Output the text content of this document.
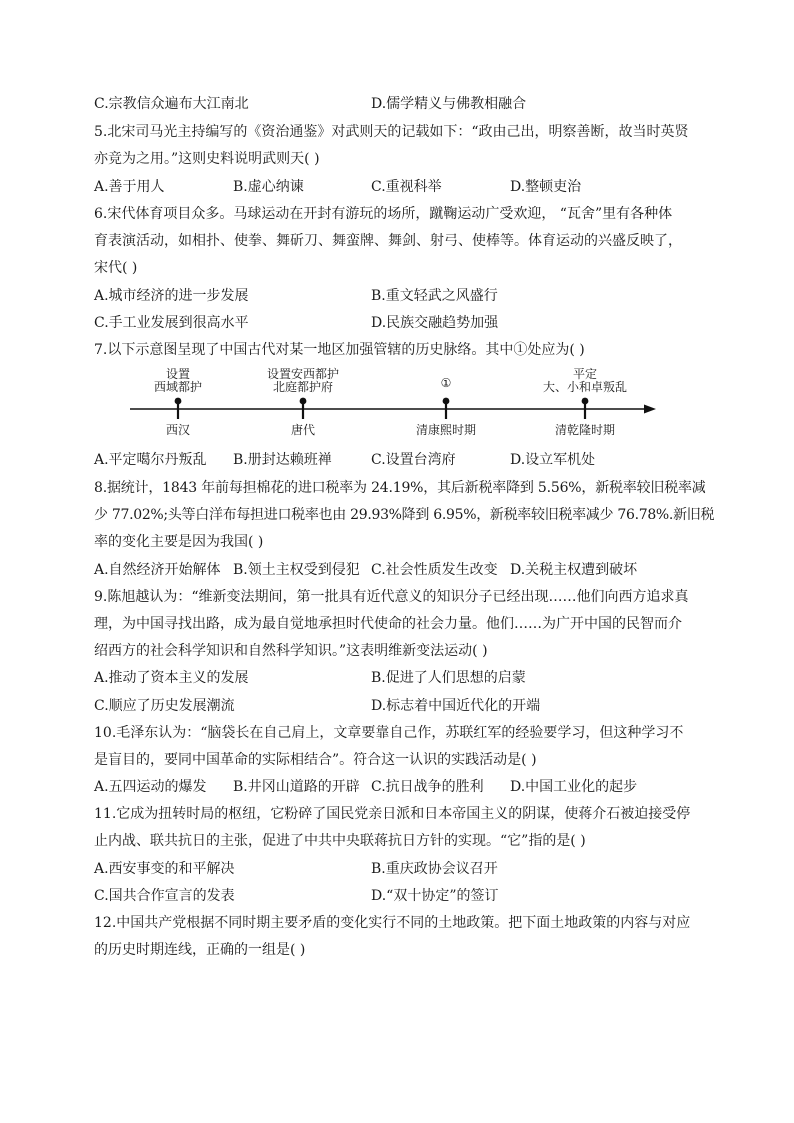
C.宗教信众遍布大江南北	D.儒学精义与佛教相融合
5.北宋司马光主持编写的《资治通鉴》对武则天的记载如下：“政由己出，明察善断，故当时英贤
亦竞为之用。”这则史料说明武则天( )
A.善于用人	B.虚心纳谏	C.重视科举	D.整顿吏治
6.宋代体育项目众多。马球运动在开封有游玩的场所，蹴鞠运动广受欢迎， “瓦舍”里有各种体
育表演活动，如相扑、使拳、舞斫刀、舞蛮牌、舞剑、射弓、使棒等。体育运动的兴盛反映了，
宋代( )
A.城市经济的进一步发展	B.重文轻武之风盛行
C.手工业发展到很高水平	D.民族交融趋势加强
7.以下示意图呈现了中国古代对某一地区加强管辖的历史脉络。其中①处应为( )
设置
西域都护
设置安西都护
北庭都护府	①
平定
大、小和卓叛乱
西汉	唐代	清康熙时期	清乾隆时期
A.平定噶尔丹叛乱 B.册封达赖班禅	C.设置台湾府	D.设立军机处
8.据统计，1843 年前每担棉花的进口税率为 24.19%，其后新税率降到 5.56%，新税率较旧税率减
少 77.02%;头等白洋布每担进口税率也由 29.93%降到 6.95%，新税率较旧税率减少 76.78%.新旧税
率的变化主要是因为我国( )
A.自然经济开始解体 B.领土主权受到侵犯 C.社会性质发生改变 D.关税主权遭到破坏
9.陈旭越认为：“维新变法期间，第一批具有近代意义的知识分子已经出现……他们向西方追求真
理，为中国寻找出路，成为最自觉地承担时代使命的社会力量。他们……为广开中国的民智而介
绍西方的社会科学知识和自然科学知识。”这表明维新变法运动( )
A.推动了资本主义的发展	B.促进了人们思想的启蒙
C.顺应了历史发展潮流	D.标志着中国近代化的开端
10.毛泽东认为：“脑袋长在自己肩上，文章要靠自己作，苏联红军的经验要学习，但这种学习不
是盲目的，要同中国革命的实际相结合”。符合这一认识的实践活动是( )
A.五四运动的爆发 B.井冈山道路的开辟 C.抗日战争的胜利 D.中国工业化的起步
11.它成为扭转时局的枢纽，它粉碎了国民党亲日派和日本帝国主义的阴谋，使蒋介石被迫接受停
止内战、联共抗日的主张，促进了中共中央联蒋抗日方针的实现。“它”指的是( )
A.西安事变的和平解决	B.重庆政协会议召开
C.国共合作宣言的发表	D.“双十协定”的签订
12.中国共产党根据不同时期主要矛盾的变化实行不同的土地政策。把下面土地政策的内容与对应
的历史时期连线，正确的一组是( )
